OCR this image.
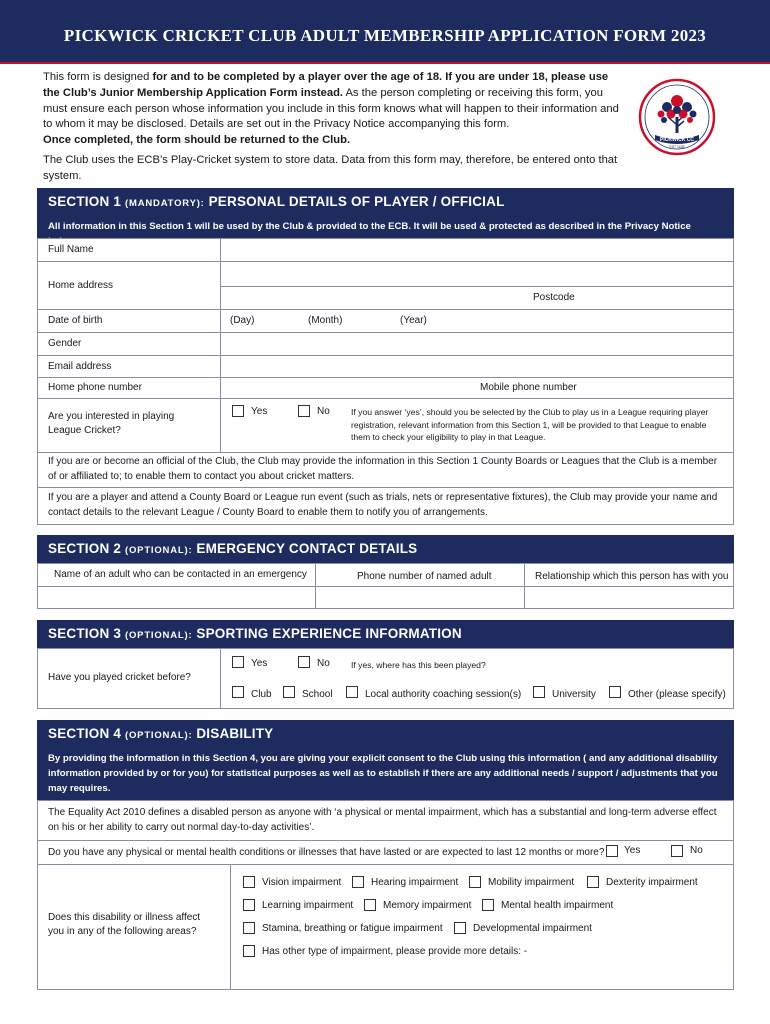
PICKWICK CRICKET CLUB ADULT MEMBERSHIP APPLICATION FORM 2023

This form is designed for and to be completed by a player over the age of 18. If you are under 18, please use the Club’s Junior Membership Application Form instead. As the person completing or receiving this form, you must ensure each person whose information you include in this form knows what will happen to their information and to whom it may be disclosed. Details are set out in the Privacy Notice accompanying this form.

Once completed, the form should be returned to the Club.

The Club uses the ECB’s Play-Cricket system to store data. Data from this form may, therefore, be entered onto that system.

PICKWICK CC
EST 1838
SECTION 1 (MANDATORY): PERSONAL DETAILS OF PLAYER / OFFICIAL
All information in this Section 1 will be used by the Club & provided to the ECB. It will be used & protected as described in the Privacy Notice below.
Full Name
Home address
Postcode
Date of birth	(Day)	(Month)	(Year)
Gender
Email address
Home phone number	Mobile phone number
Are you interested in playing League Cricket?
Yes	No If you answer ‘yes’, should you be selected by the Club to play us in a League requiring player registration, relevant information from this Section 1, will be provided to that League to enable them to check your eligibility to play in that League.
If you are or become an official of the Club, the Club may provide the information in this Section 1 County Boards or Leagues that the Club is a member of or affiliated to; to enable them to contact you about cricket matters.
If you are a player and attend a County Board or League run event (such as trials, nets or representative fixtures), the Club may provide your name and contact details to the relevant League / County Board to enable them to notify you of arrangements.
SECTION 2 (OPTIONAL): EMERGENCY CONTACT DETAILS
Name of an adult who can be contacted in an emergency	Phone number of named adult	Relationship which this person has with you
SECTION 3 (OPTIONAL): SPORTING EXPERIENCE INFORMATION
Have you played cricket before?
Yes	No If yes, where has this been played?
Club	School	Local authority coaching session(s)	University	Other (please specify)
SECTION 4 (OPTIONAL): DISABILITY
By providing the information in this Section 4, you are giving your explicit consent to the Club using this information ( and any additional disability information provided by or for you) for statistical purposes as well as to establish if there are any additional needs / support / adjustments that you may requires.
The Equality Act 2010 defines a disabled person as anyone with ‘a physical or mental impairment, which has a substantial and long-term adverse effect on his or her ability to carry out normal day-to-day activities’.
Do you have any physical or mental health conditions or illnesses that have lasted or are expected to last 12 months or more? Yes	No
Does this disability or illness affect you in any of the following areas?
Vision impairment	Hearing impairment	Mobility impairment	Dexterity impairment
Learning impairment	Memory impairment	Mental health impairment
Stamina, breathing or fatigue impairment	Developmental impairment
Has other type of impairment, please provide more details: -
